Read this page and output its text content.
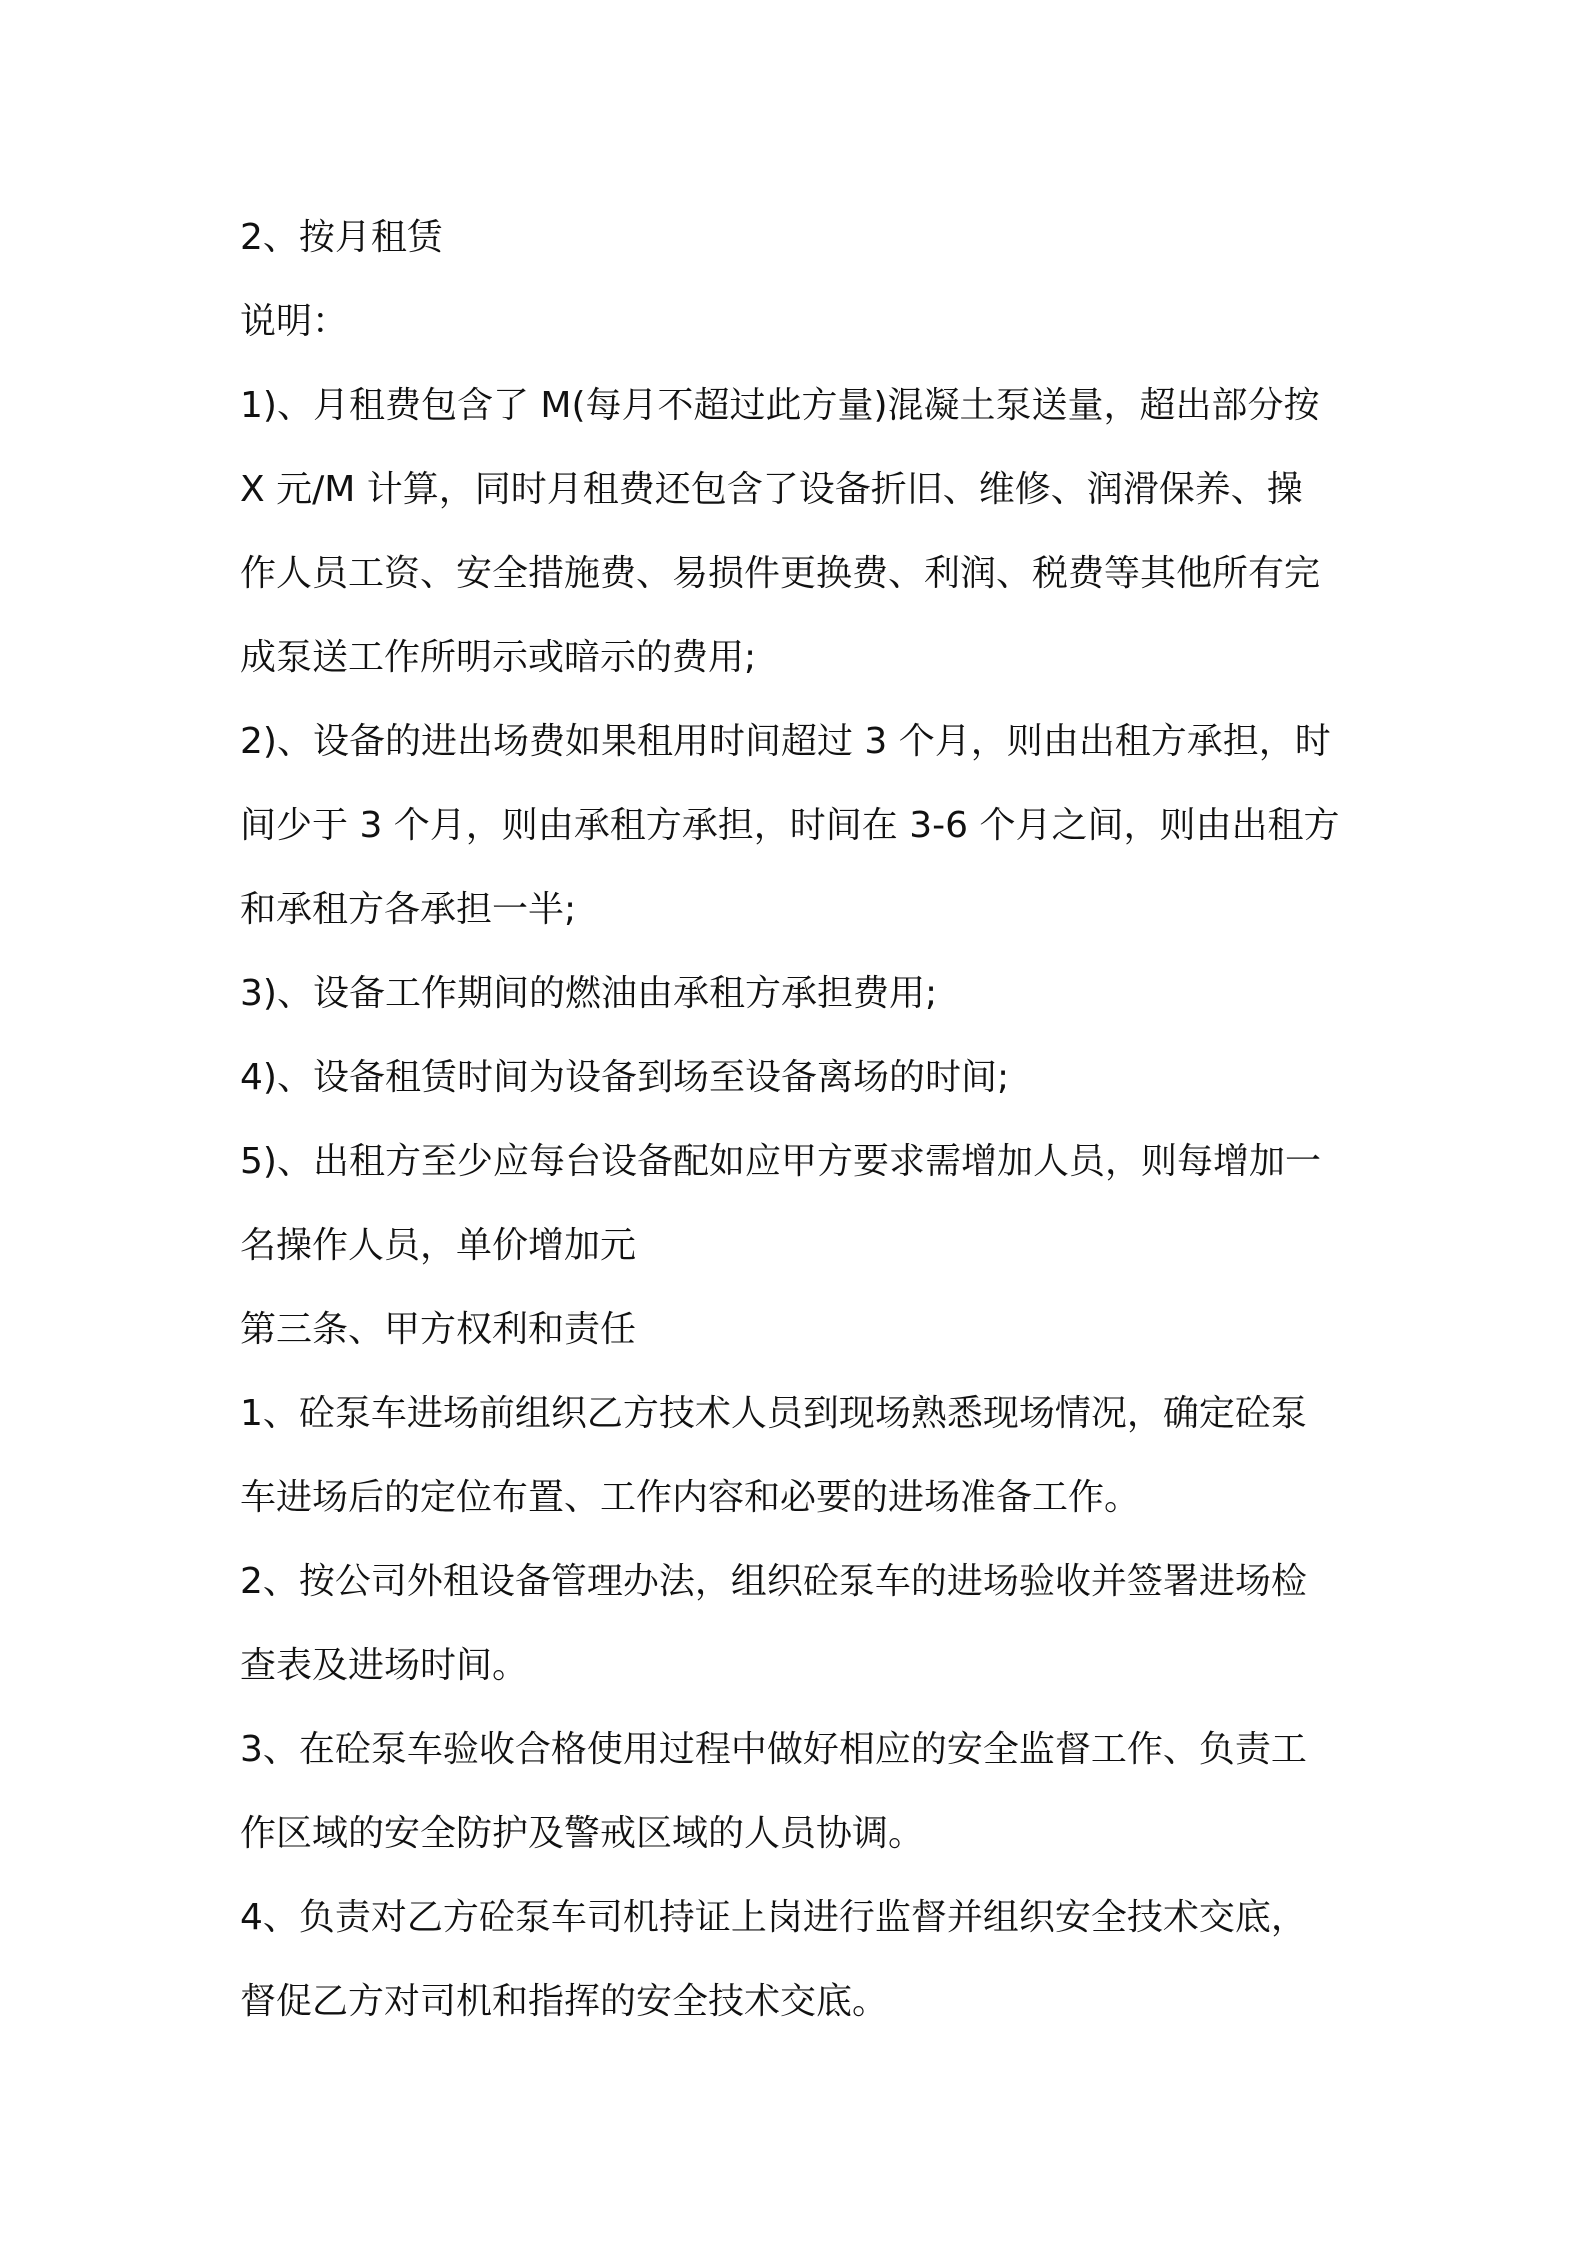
2、按月租赁
说明：
1)、月租费包含了 M(每月不超过此方量)混凝土泵送量，超出部分按
X 元/M 计算，同时月租费还包含了设备折旧、维修、润滑保养、操
作人员工资、安全措施费、易损件更换费、利润、税费等其他所有完
成泵送工作所明示或暗示的费用;
2)、设备的进出场费如果租用时间超过 3 个月，则由出租方承担，时
间少于 3 个月，则由承租方承担，时间在 3-6 个月之间，则由出租方
和承租方各承担一半;
3)、设备工作期间的燃油由承租方承担费用;
4)、设备租赁时间为设备到场至设备离场的时间;
5)、出租方至少应每台设备配如应甲方要求需增加人员，则每增加一
名操作人员，单价增加元
第三条、甲方权利和责任
1、砼泵车进场前组织乙方技术人员到现场熟悉现场情况，确定砼泵
车进场后的定位布置、工作内容和必要的进场准备工作。
2、按公司外租设备管理办法，组织砼泵车的进场验收并签署进场检
查表及进场时间。
3、在砼泵车验收合格使用过程中做好相应的安全监督工作、负责工
作区域的安全防护及警戒区域的人员协调。
4、负责对乙方砼泵车司机持证上岗进行监督并组织安全技术交底，
督促乙方对司机和指挥的安全技术交底。
